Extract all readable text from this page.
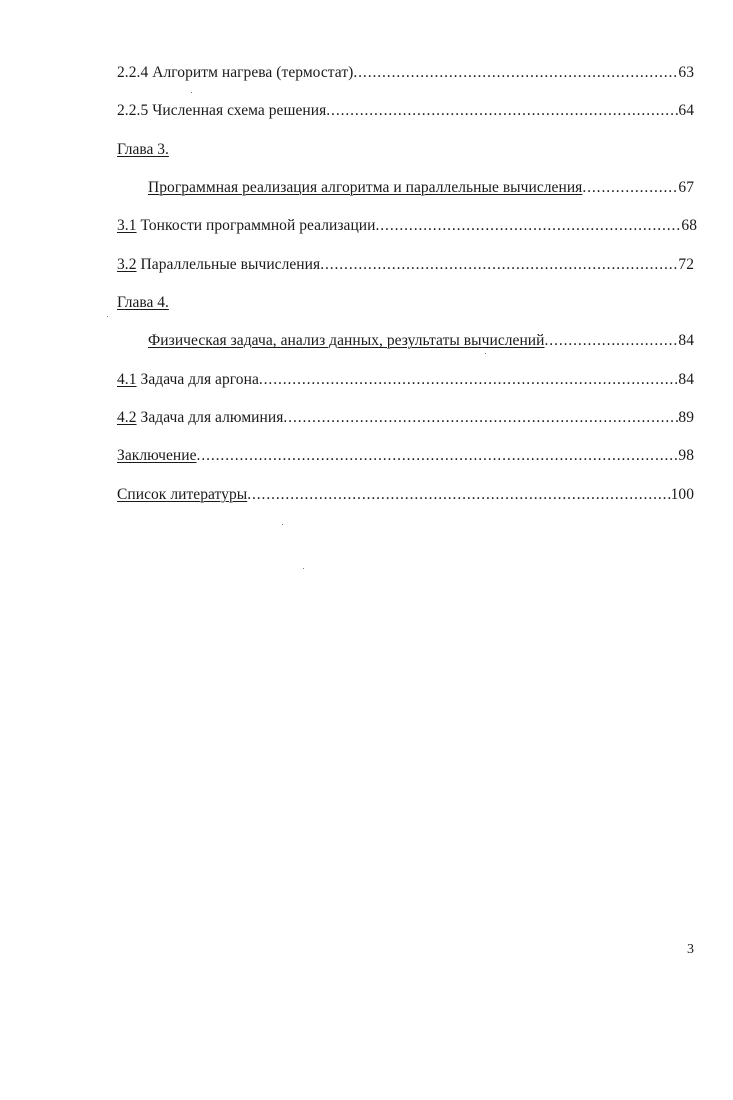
2.2.4 Алгоритм нагрева (термостат) .....	63
2.2.5 Численная схема решения .....	64
Глава 3.
Программная реализация алгоритма и параллельные вычисления .....	67
3.1 Тонкости программной реализации .....	68
3.2 Параллельные вычисления .....	72
Глава 4.
Физическая задача, анализ данных, результаты вычислений .....	84
4.1 Задача для аргона .....	84
4.2 Задача для алюминия .....	89
Заключение .....	98
Список литературы .....	100
3
